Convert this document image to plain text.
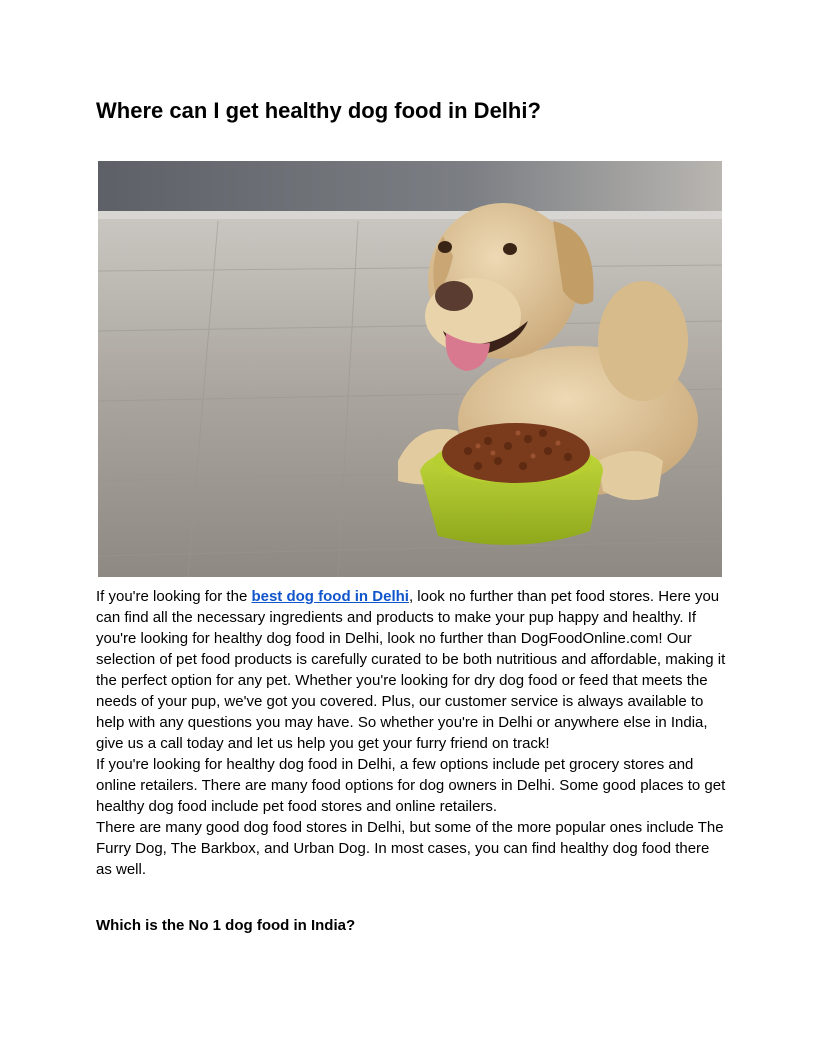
Where can I get healthy dog food in Delhi?

If you're looking for the best dog food in Delhi, look no further than pet food stores. Here you can find all the necessary ingredients and products to make your pup happy and healthy. If you're looking for healthy dog food in Delhi, look no further than DogFoodOnline.com! Our selection of pet food products is carefully curated to be both nutritious and affordable, making it the perfect option for any pet. Whether you're looking for dry dog food or feed that meets the needs of your pup, we've got you covered. Plus, our customer service is always available to help with any questions you may have. So whether you're in Delhi or anywhere else in India, give us a call today and let us help you get your furry friend on track!

If you're looking for healthy dog food in Delhi, a few options include pet grocery stores and online retailers. There are many food options for dog owners in Delhi. Some good places to get healthy dog food include pet food stores and online retailers.

There are many good dog food stores in Delhi, but some of the more popular ones include The Furry Dog, The Barkbox, and Urban Dog. In most cases, you can find healthy dog food there as well.

Which is the No 1 dog food in India?
